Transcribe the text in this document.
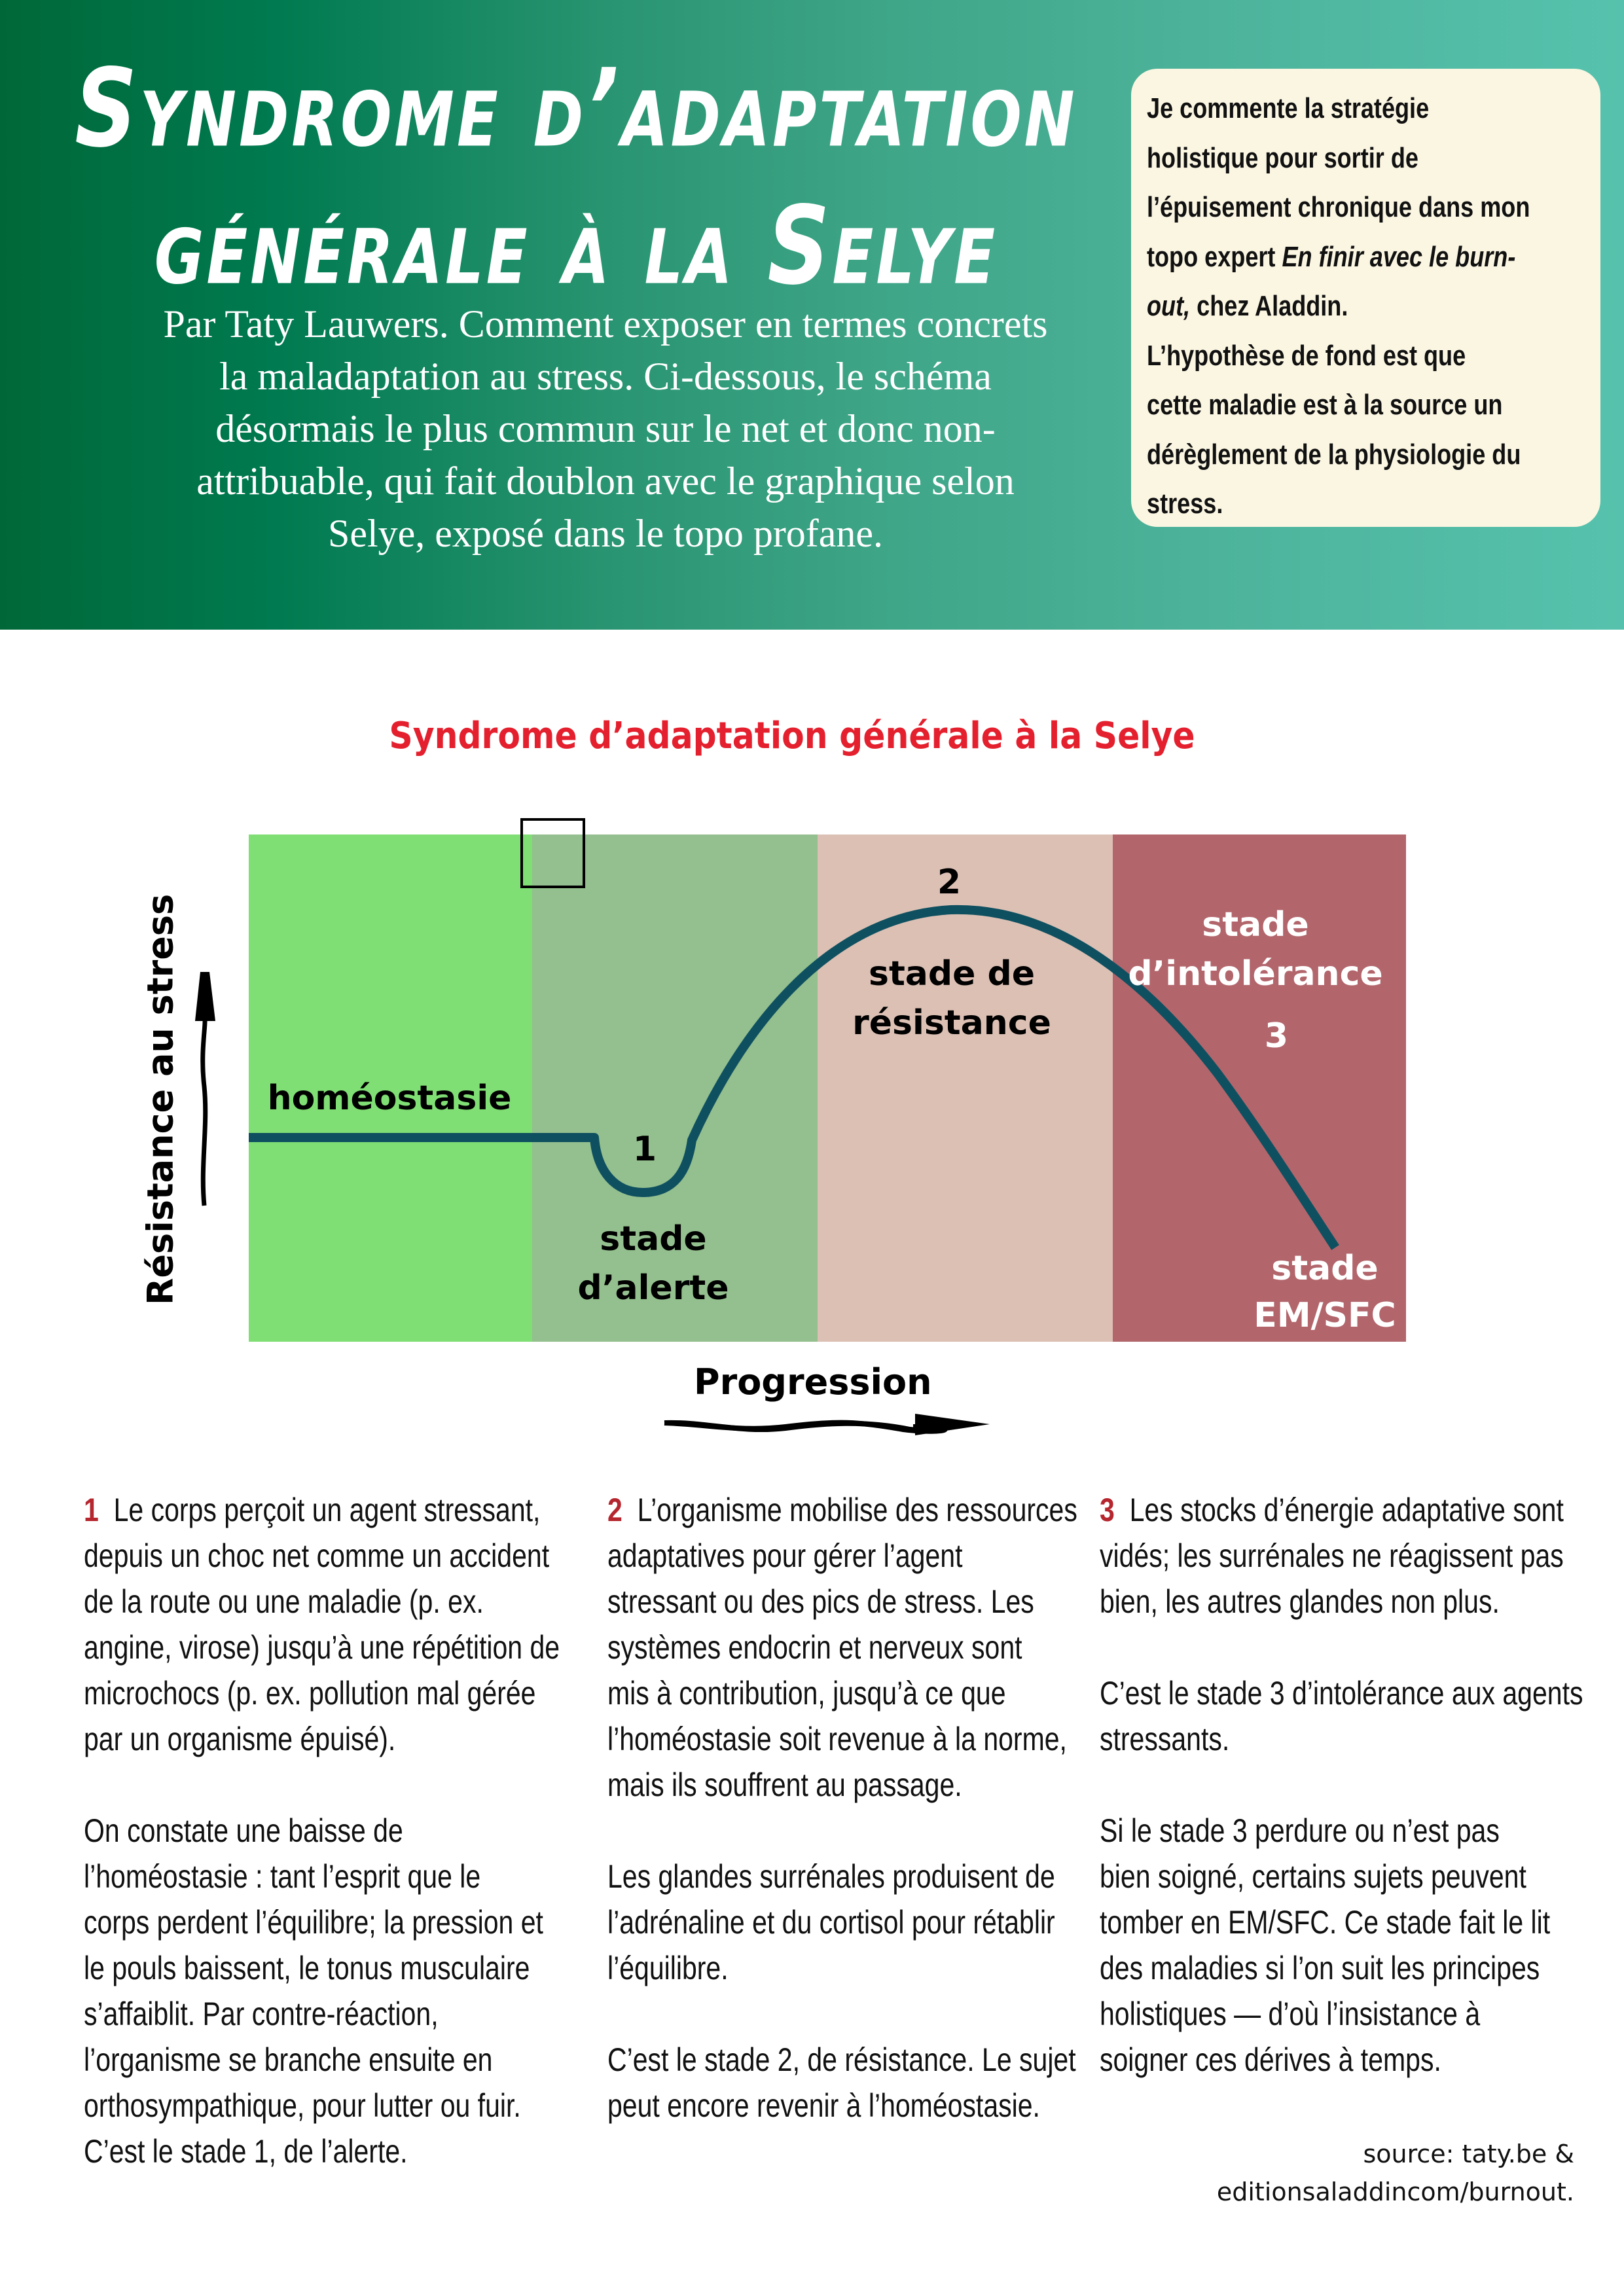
Syndrome d’adaptation
générale à la Selye
Par Taty Lauwers. Comment exposer en termes concrets
la maladaptation au stress. Ci-dessous, le schéma
désormais le plus commun sur le net et donc non-
attribuable, qui fait doublon avec le graphique selon
Selye, exposé dans le topo profane.
Je commente la stratégie
holistique pour sortir de
l’épuisement chronique dans mon
topo expert En finir avec le burn-
out, chez Aladdin.
L’hypothèse de fond est que
cette maladie est à la source un
dérèglement de la physiologie du
stress.
Syndrome d’adaptation générale à la Selye
homéostasie
1
stade
d’alerte
2
stade de
résistance
stade
d’intolérance
3
stade
EM/SFC
Résistance au stress
Progression
1 Le corps perçoit un agent stressant,
depuis un choc net comme un accident
de la route ou une maladie (p. ex.
angine, virose) jusqu’à une répétition de
microchocs (p. ex. pollution mal gérée
par un organisme épuisé).
On constate une baisse de
l’homéostasie : tant l’esprit que le
corps perdent l’équilibre; la pression et
le pouls baissent, le tonus musculaire
s’affaiblit. Par contre-réaction,
l’organisme se branche ensuite en
orthosympathique, pour lutter ou fuir.
C’est le stade 1, de l’alerte.
2 L’organisme mobilise des ressources
adaptatives pour gérer l’agent
stressant ou des pics de stress. Les
systèmes endocrin et nerveux sont
mis à contribution, jusqu’à ce que
l’homéostasie soit revenue à la norme,
mais ils souffrent au passage.
Les glandes surrénales produisent de
l’adrénaline et du cortisol pour rétablir
l’équilibre.
C’est le stade 2, de résistance. Le sujet
peut encore revenir à l’homéostasie.
3 Les stocks d’énergie adaptative sont
vidés; les surrénales ne réagissent pas
bien, les autres glandes non plus.
C’est le stade 3 d’intolérance aux agents
stressants.
Si le stade 3 perdure ou n’est pas
bien soigné, certains sujets peuvent
tomber en EM/SFC. Ce stade fait le lit
des maladies si l’on suit les principes
holistiques — d’où l’insistance à
soigner ces dérives à temps.
source: taty.be &
editionsaladdincom/burnout.
